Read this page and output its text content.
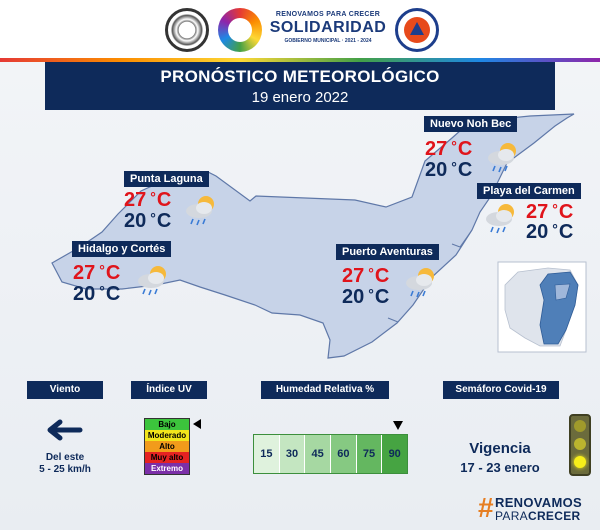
RENOVAMOS PARA CRECER
SOLIDARIDAD
GOBIERNO MUNICIPAL · 2021 - 2024
PRONÓSTICO METEOROLÓGICO
19 enero 2022
Nuevo Noh Bec
27 °C
20 °C
Punta Laguna
27 °C
20 °C
Playa del Carmen
27 °C
20 °C
Hidalgo y Cortés
27 °C
20 °C
Puerto Aventuras
27 °C
20 °C
Viento
Del este
5 - 25 km/h
Índice UV
Bajo
Moderado
Alto
Muy alto
Extremo
Humedad Relativa %
15	30	45	60	75	90
Semáforo Covid-19
Vigencia
17 - 23 enero
# RENOVAMOS
PARACRECER
